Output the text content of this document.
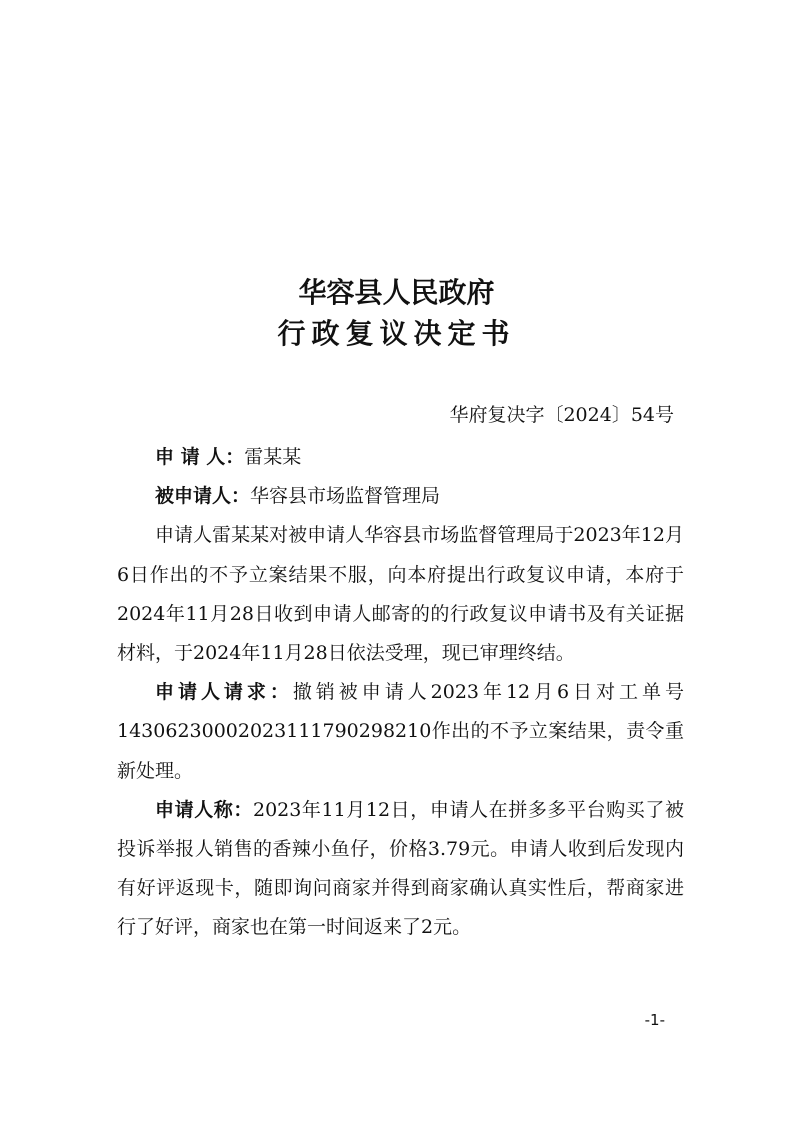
华容县人民政府
行政复议决定书
华府复决字〔2024〕54号

申 请 人：雷某某

被申请人：华容县市场监督管理局

申请人雷某某对被申请人华容县市场监督管理局于2023年12月6日作出的不予立案结果不服，向本府提出行政复议申请，本府于2024年11月28日收到申请人邮寄的的行政复议申请书及有关证据材料，于2024年11月28日依法受理，现已审理终结。

申请人请求：撤销被申请人2023年12月6日对工单号14306230002023111790298210作出的不予立案结果，责令重新处理。

申请人称：2023年11月12日，申请人在拼多多平台购买了被投诉举报人销售的香辣小鱼仔，价格3.79元。申请人收到后发现内有好评返现卡，随即询问商家并得到商家确认真实性后，帮商家进行了好评，商家也在第一时间返来了2元。

-1-
